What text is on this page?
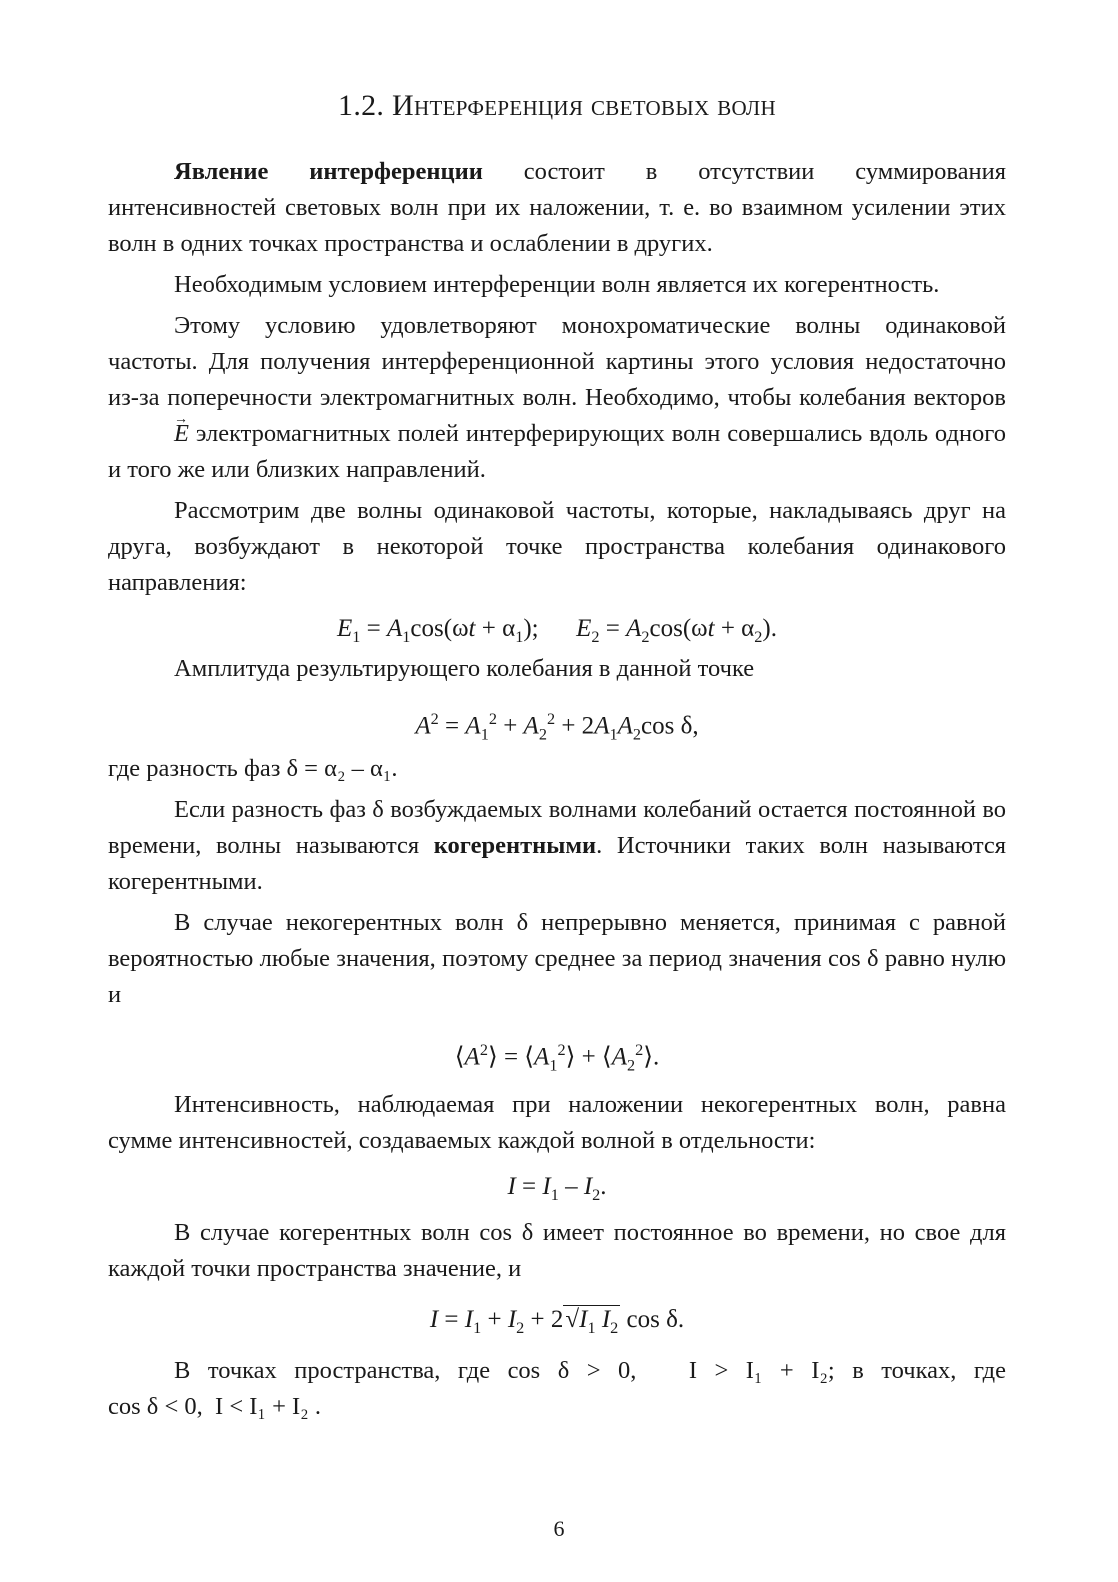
1.2. Интерференция световых волн

Явление интерференции состоит в отсутствии суммирования интенсивностей световых волн при их наложении, т. е. во взаимном усилении этих волн в одних точках пространства и ослаблении в других.

Необходимым условием интерференции волн является их когерентность.

Этому условию удовлетворяют монохроматические волны одинаковой частоты. Для получения интерференционной картины этого условия недостаточно из-за поперечности электромагнитных волн. Необходимо, чтобы колебания векторов → E электромагнитных полей интерферирующих волн совершались вдоль одного и того же или близких направлений.

Рассмотрим две волны одинаковой частоты, которые, накладываясь друг на друга, возбуждают в некоторой точке пространства колебания одинакового направления:

$E_1 = A_1\cos(\omega t + \alpha_1)$; $E_2 = A_2\cos(\omega t + \alpha_2)$.

Амплитуда результирующего колебания в данной точке

$A^2 = A_1^2 + A_2^2 + 2A_1A_2\cos$ δ,

где разность фаз δ = α₂ – α₁.

Если разность фаз δ возбуждаемых волнами колебаний остается постоянной во времени, волны называются когерентными. Источники таких волн называются когерентными.

В случае некогерентных волн δ непрерывно меняется, принимая с равной вероятностью любые значения, поэтому среднее за период значения cos δ равно нулю и

$⟨A^2⟩$ = $⟨A_1^2⟩$ + $⟨A_2^2⟩$.

Интенсивность, наблюдаемая при наложении некогерентных волн, равна сумме интенсивностей, создаваемых каждой волной в отдельности:

$I = I_1 - I_2$.

В случае когерентных волн cos δ имеет постоянное во времени, но свое для каждой точки пространства значение, и

$I = I_1 + I_2 + 2√I_1$ $I_2$ cos δ.

В точках пространства, где cos δ > 0, I > I₁ + I₂; в точках, где cos δ < 0, I < I₁ + I₂ .

6
